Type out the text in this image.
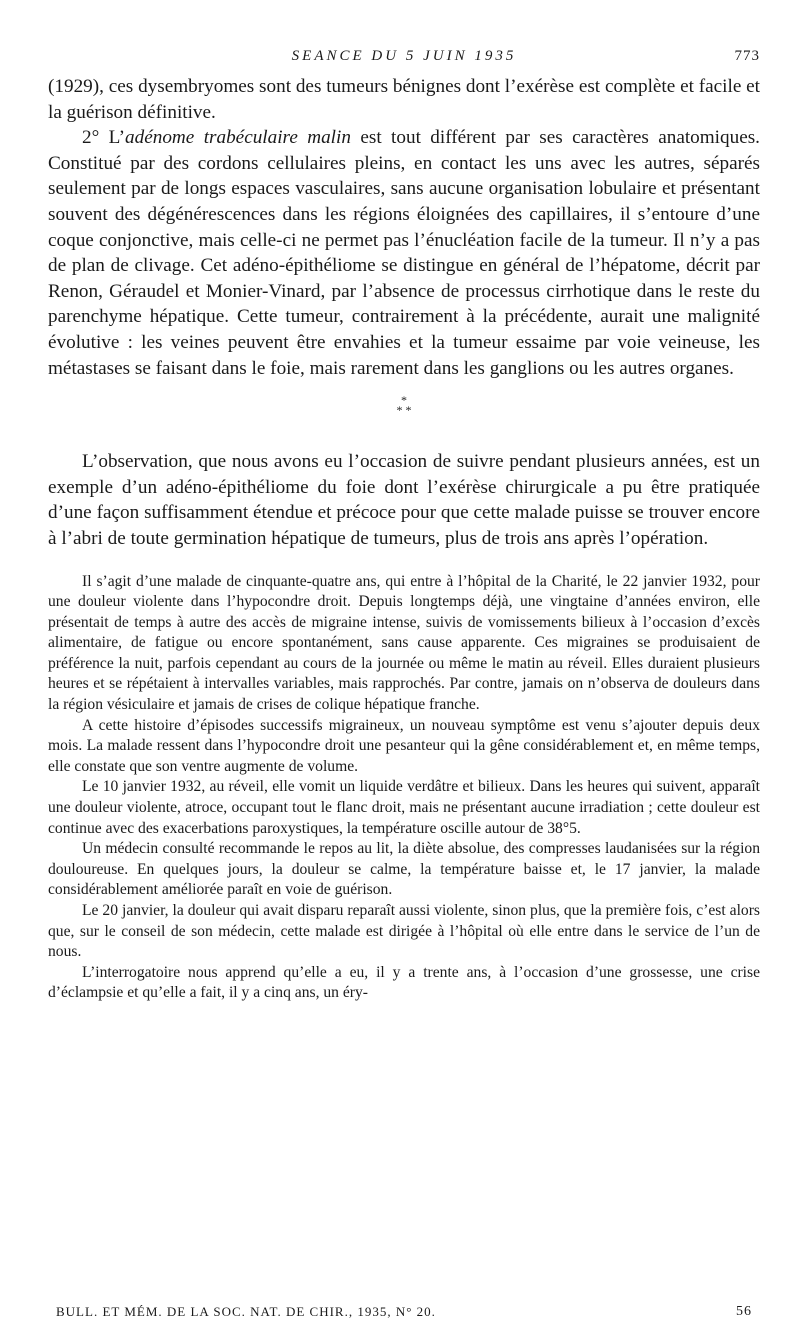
SEANCE DU 5 JUIN 1935	773

(1929), ces dysembryomes sont des tumeurs bénignes dont l’exérèse est complète et facile et la guérison définitive.

2° L’adénome trabéculaire malin est tout différent par ses caractères anatomiques. Constitué par des cordons cellulaires pleins, en contact les uns avec les autres, séparés seulement par de longs espaces vasculaires, sans aucune organisation lobulaire et présentant souvent des dégénérescences dans les régions éloignées des capillaires, il s’entoure d’une coque conjonctive, mais celle-ci ne permet pas l’énucléation facile de la tumeur. Il n’y a pas de plan de clivage. Cet adéno-épithéliome se distingue en général de l’hépatome, décrit par Renon, Géraudel et Monier-Vinard, par l’absence de processus cirrhotique dans le reste du parenchyme hépatique. Cette tumeur, contrairement à la précédente, aurait une malignité évolutive : les veines peuvent être envahies et la tumeur essaime par voie veineuse, les métastases se faisant dans le foie, mais rarement dans les ganglions ou les autres organes.

*
* *

L’observation, que nous avons eu l’occasion de suivre pendant plusieurs années, est un exemple d’un adéno-épithéliome du foie dont l’exérèse chirurgicale a pu être pratiquée d’une façon suffisamment étendue et précoce pour que cette malade puisse se trouver encore à l’abri de toute germination hépatique de tumeurs, plus de trois ans après l’opération.

Il s’agit d’une malade de cinquante-quatre ans, qui entre à l’hôpital de la Charité, le 22 janvier 1932, pour une douleur violente dans l’hypocondre droit. Depuis longtemps déjà, une vingtaine d’années environ, elle présentait de temps à autre des accès de migraine intense, suivis de vomissements bilieux à l’occasion d’excès alimentaire, de fatigue ou encore spontanément, sans cause apparente. Ces migraines se produisaient de préférence la nuit, parfois cependant au cours de la journée ou même le matin au réveil. Elles duraient plusieurs heures et se répétaient à intervalles variables, mais rapprochés. Par contre, jamais on n’observa de douleurs dans la région vésiculaire et jamais de crises de colique hépatique franche.

A cette histoire d’épisodes successifs migraineux, un nouveau symptôme est venu s’ajouter depuis deux mois. La malade ressent dans l’hypocondre droit une pesanteur qui la gêne considérablement et, en même temps, elle constate que son ventre augmente de volume.

Le 10 janvier 1932, au réveil, elle vomit un liquide verdâtre et bilieux. Dans les heures qui suivent, apparaît une douleur violente, atroce, occupant tout le flanc droit, mais ne présentant aucune irradiation ; cette douleur est continue avec des exacerbations paroxystiques, la température oscille autour de 38°5.

Un médecin consulté recommande le repos au lit, la diète absolue, des compresses laudanisées sur la région douloureuse. En quelques jours, la douleur se calme, la température baisse et, le 17 janvier, la malade considérablement améliorée paraît en voie de guérison.

Le 20 janvier, la douleur qui avait disparu reparaît aussi violente, sinon plus, que la première fois, c’est alors que, sur le conseil de son médecin, cette malade est dirigée à l’hôpital où elle entre dans le service de l’un de nous.

L’interrogatoire nous apprend qu’elle a eu, il y a trente ans, à l’occasion d’une grossesse, une crise d’éclampsie et qu’elle a fait, il y a cinq ans, un éry-

BULL. ET MÉM. DE LA SOC. NAT. DE CHIR., 1935, N° 20.	56
